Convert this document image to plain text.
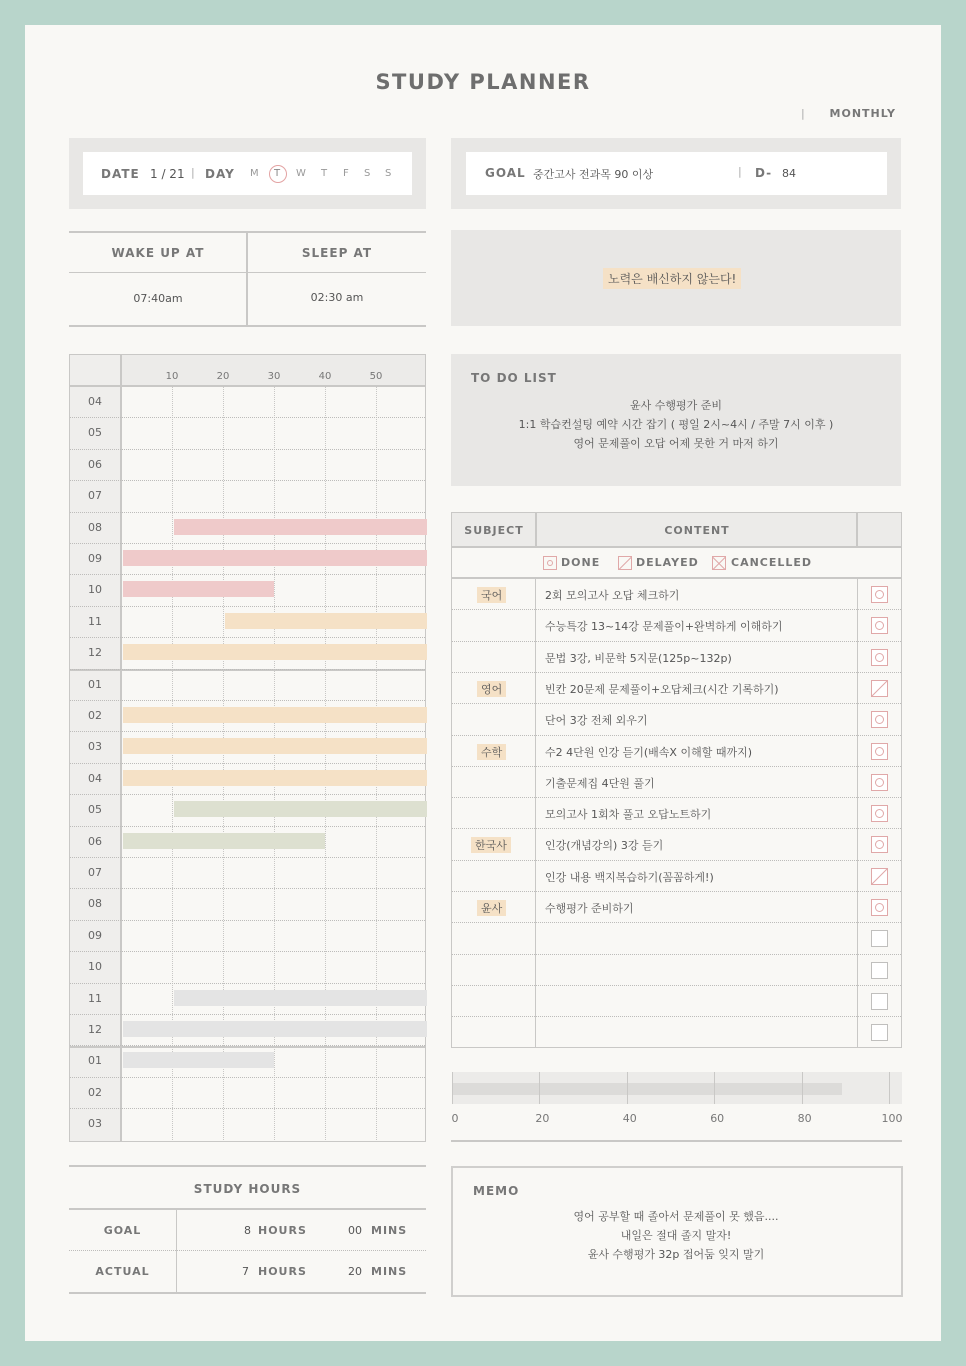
STUDY PLANNER
| MONTHLY
DATE 1 / 21 | DAY M T W T F S S	GOAL 중간고사 전과목 90 이상	| D- 84
WAKE UP AT	SLEEP AT
07:40am	02:30 am
노력은 배신하지 않는다!
10	20	30	40	50
04
05
06
07
08
09
10
11
12
01
02
03
04
05
06
07
08
09
10
11
12
01
02
03
TO DO LIST
윤사 수행평가 준비
1:1 학습컨설팅 예약 시간 잡기 ( 평일 2시~4시 / 주말 7시 이후 )
영어 문제풀이 오답 어제 못한 거 마저 하기
SUBJECT	CONTENT
DONE	DELAYED	CANCELLED
국어	2회 모의고사 오답 체크하기
수능특강 13~14강 문제풀이+완벽하게 이해하기
문법 3강, 비문학 5지문(125p~132p)
영어	빈칸 20문제 문제풀이+오답체크(시간 기록하기)
단어 3강 전체 외우기
수학	수2 4단원 인강 듣기(배속X 이해할 때까지)
기출문제집 4단원 풀기
모의고사 1회차 풀고 오답노트하기
한국사	인강(개념강의) 3강 듣기
인강 내용 백지복습하기(꼼꼼하게!)
윤사	수행평가 준비하기
0	20	40	60	80	100
STUDY HOURS
GOAL	8 HOURS	00 MINS
ACTUAL	7 HOURS	20 MINS
MEMO
영어 공부할 때 졸아서 문제풀이 못 했음....
내일은 절대 졸지 말자!
윤사 수행평가 32p 접어둠 잊지 말기
